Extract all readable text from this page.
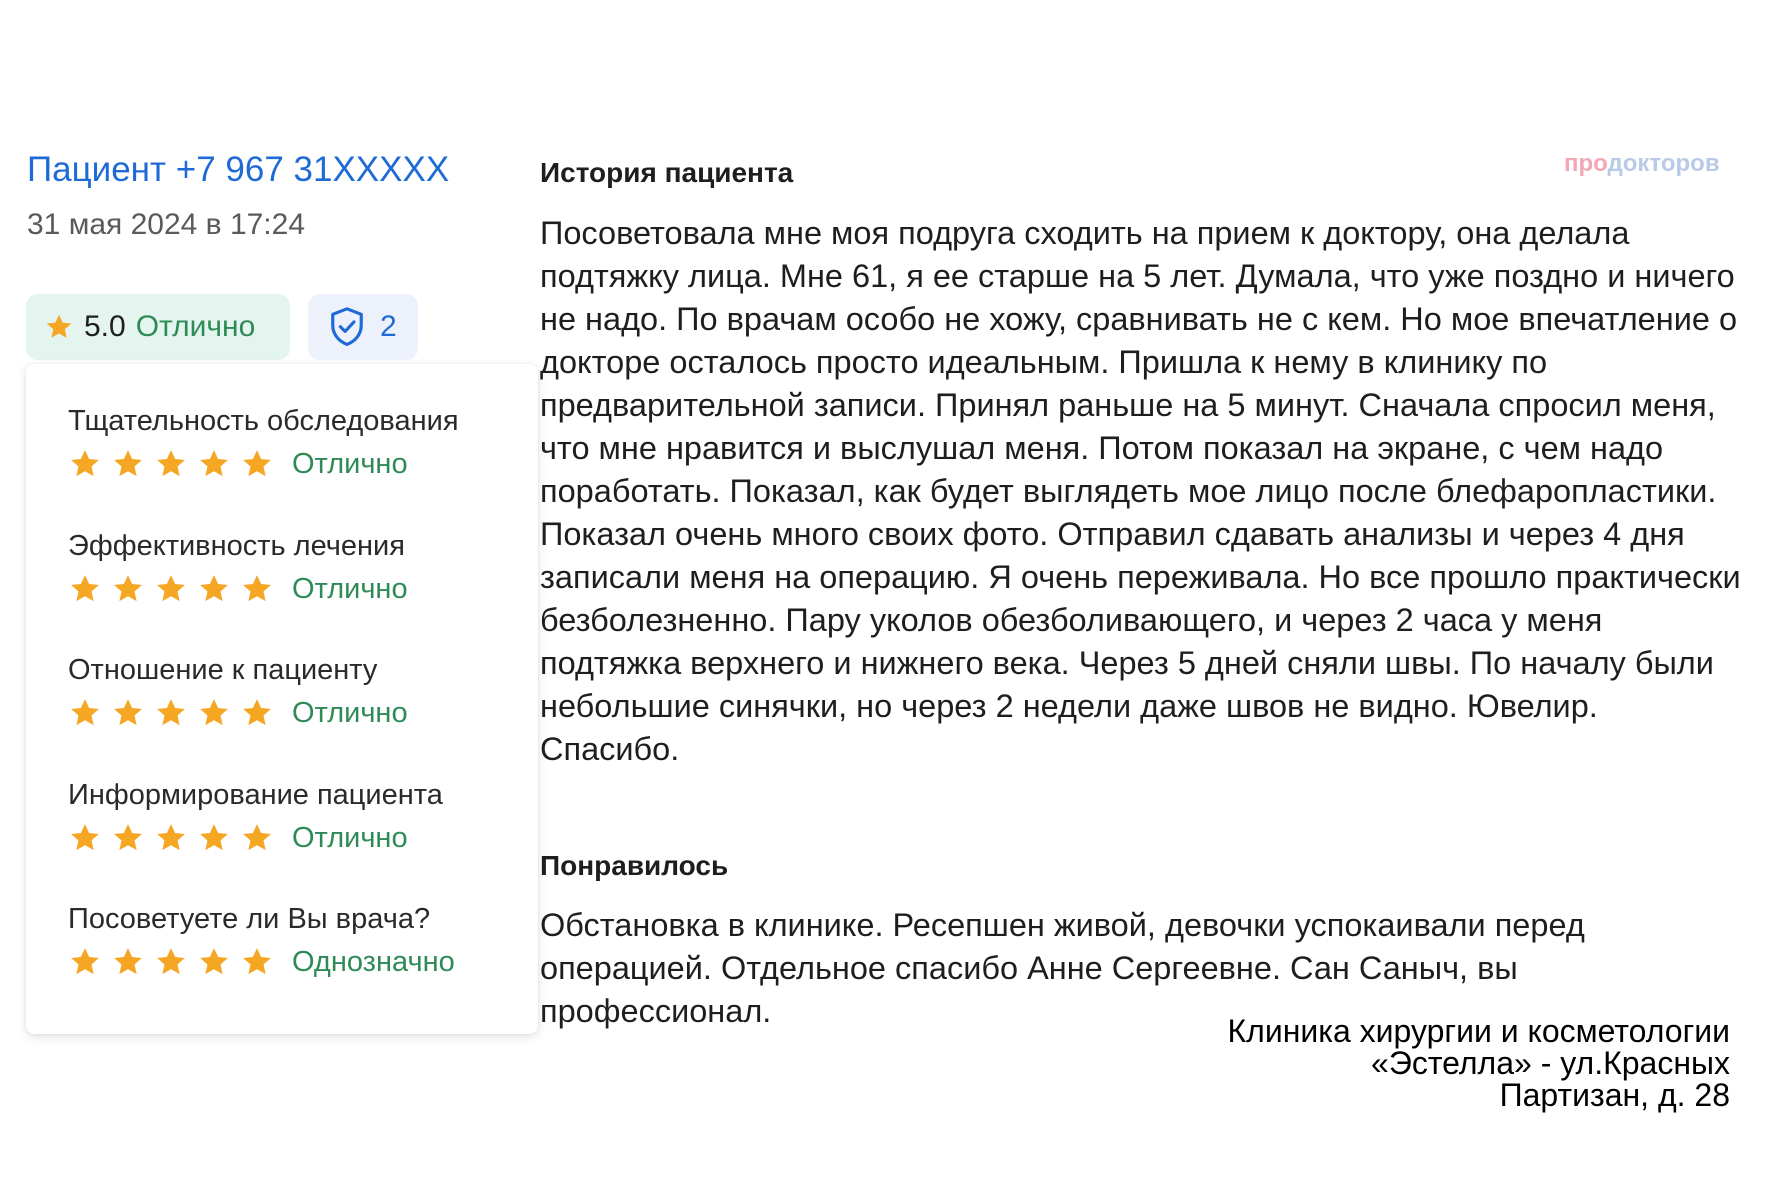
Пациент +7 967 31XXXXX
31 мая 2024 в 17:24
5.0 Отлично	2
Тщательность обследования
Отлично
Эффективность лечения
Отлично
Отношение к пациенту
Отлично
Информирование пациента
Отлично
Посоветуете ли Вы врача?
Однозначно
продокторов
История пациента
Посоветовала мне моя подруга сходить на прием к доктору, она делала подтяжку лица. Мне 61, я ее старше на 5 лет. Думала, что уже поздно и ничего не надо. По врачам особо не хожу, сравнивать не с кем. Но мое впечатление о докторе осталось просто идеальным. Пришла к нему в клинику по предварительной записи. Принял раньше на 5 минут. Сначала спросил меня, что мне нравится и выслушал меня. Потом показал на экране, с чем надо поработать. Показал, как будет выглядеть мое лицо после блефаропластики. Показал очень много своих фото. Отправил сдавать анализы и через 4 дня записали меня на операцию. Я очень переживала. Но все прошло практически безболезненно. Пару уколов обезболивающего, и через 2 часа у меня подтяжка верхнего и нижнего века. Через 5 дней сняли швы. По началу были небольшие синячки, но через 2 недели даже швов не видно. Ювелир. Спасибо.
Понравилось
Обстановка в клинике. Ресепшен живой, девочки успокаивали перед операцией. Отдельное спасибо Анне Сергеевне. Сан Саныч, вы профессионал.
Клиника хирургии и косметологии
«Эстелла» - ул.Красных
Партизан, д. 28
